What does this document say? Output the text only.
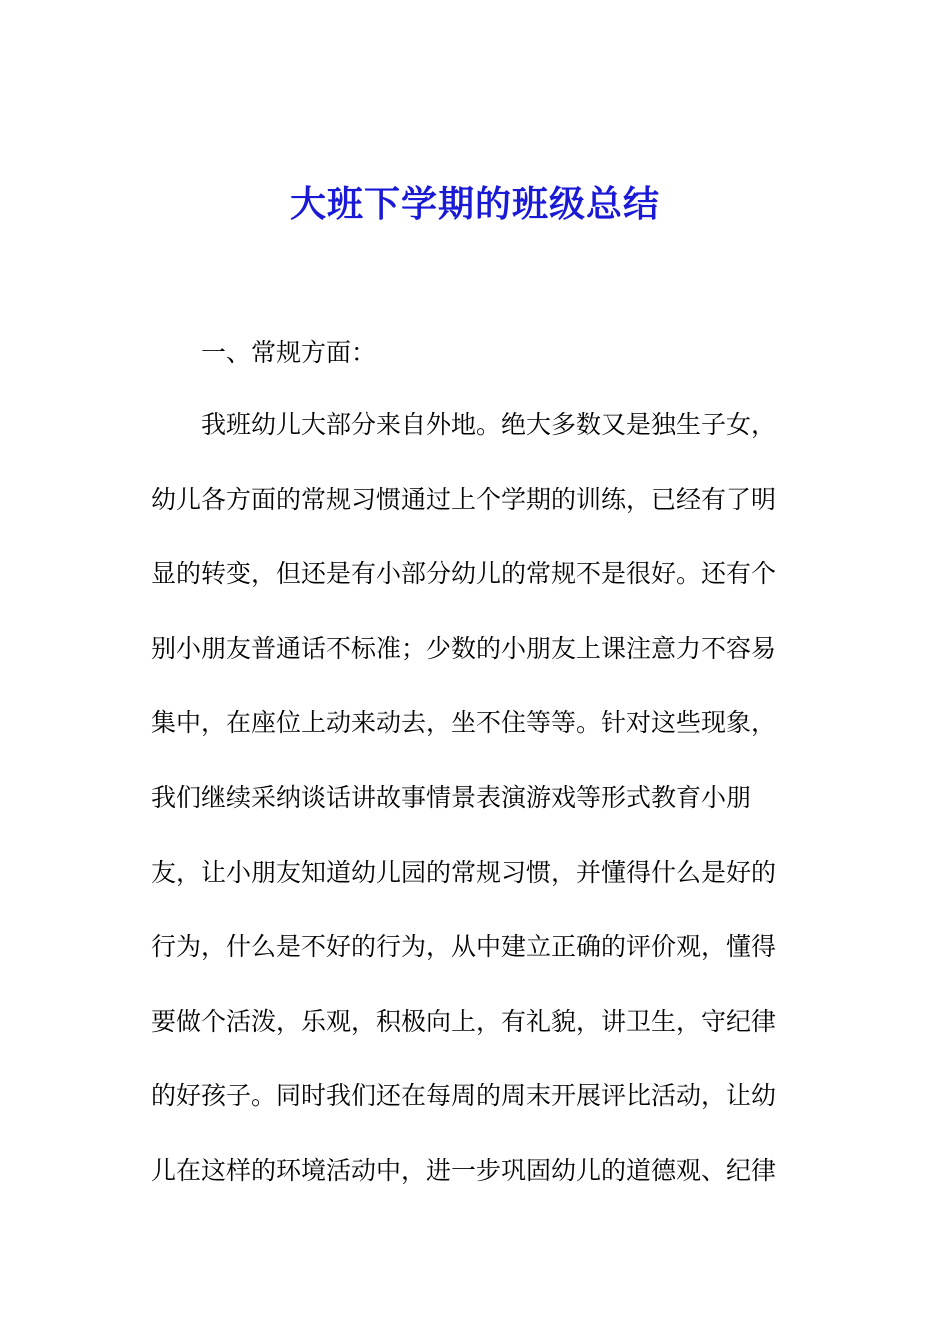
大班下学期的班级总结

一、常规方面：

我班幼儿大部分来自外地。绝大多数又是独生子女，
幼儿各方面的常规习惯通过上个学期的训练，已经有了明
显的转变，但还是有小部分幼儿的常规不是很好。还有个
别小朋友普通话不标准；少数的小朋友上课注意力不容易
集中，在座位上动来动去，坐不住等等。针对这些现象，
我们继续采纳谈话讲故事情景表演游戏等形式教育小朋
友，让小朋友知道幼儿园的常规习惯，并懂得什么是好的
行为，什么是不好的行为，从中建立正确的评价观，懂得
要做个活泼，乐观，积极向上，有礼貌，讲卫生，守纪律
的好孩子。同时我们还在每周的周末开展评比活动，让幼
儿在这样的环境活动中，进一步巩固幼儿的道德观、纪律
